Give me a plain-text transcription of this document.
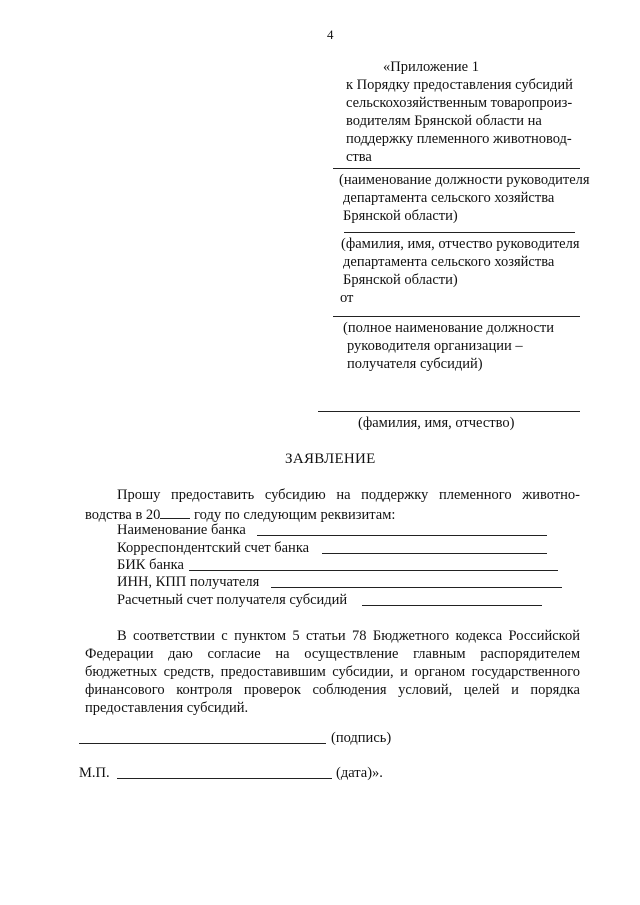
4
«Приложение 1
к Порядку предоставления субсидий
сельскохозяйственным товаропроиз-
водителям Брянской области на
поддержку племенного животновод-
ства
(наименование должности руководителя
департамента сельского хозяйства
Брянской области)
(фамилия, имя, отчество руководителя
департамента сельского хозяйства
Брянской области)
от
(полное наименование должности
руководителя организации –
получателя субсидий)
(фамилия, имя, отчество)
ЗАЯВЛЕНИЕ
Прошу предоставить субсидию на поддержку племенного животно-
водства в 20 году по следующим реквизитам:
Наименование банка
Корреспондентский счет банка
БИК банка
ИНН, КПП получателя
Расчетный счет получателя субсидий
В соответствии с пунктом 5 статьи 78 Бюджетного кодекса Российской
Федерации даю согласие на осуществление главным распорядителем
бюджетных средств, предоставившим субсидии, и органом государственного
финансового контроля проверок соблюдения условий, целей и порядка
предоставления субсидий.
(подпись)
М.П.	(дата)».
